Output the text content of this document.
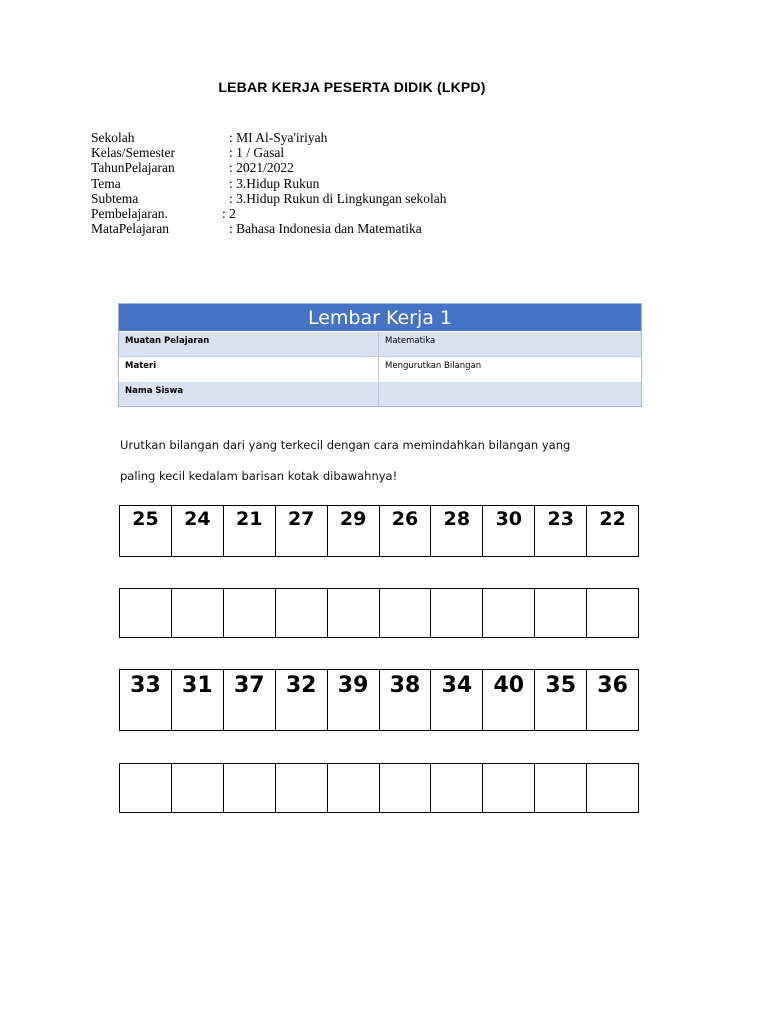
LEBAR KERJA PESERTA DIDIK (LKPD)
Sekolah	: MI Al-Sya'iriyah
Kelas/Semester	: 1 / Gasal
TahunPelajaran	: 2021/2022
Tema	: 3.Hidup Rukun
Subtema	: 3.Hidup Rukun di Lingkungan sekolah
Pembelajaran.	: 2
MataPelajaran	: Bahasa Indonesia dan Matematika
Lembar Kerja 1
Muatan Pelajaran	Matematika
Materi	Mengurutkan Bilangan
Nama Siswa
Urutkan bilangan dari yang terkecil dengan cara memindahkan bilangan yang
paling kecil kedalam barisan kotak dibawahnya!
25	24	21	27	29	26	28	30	23	22
33 31 37 32 39 38 34 40 35 36
